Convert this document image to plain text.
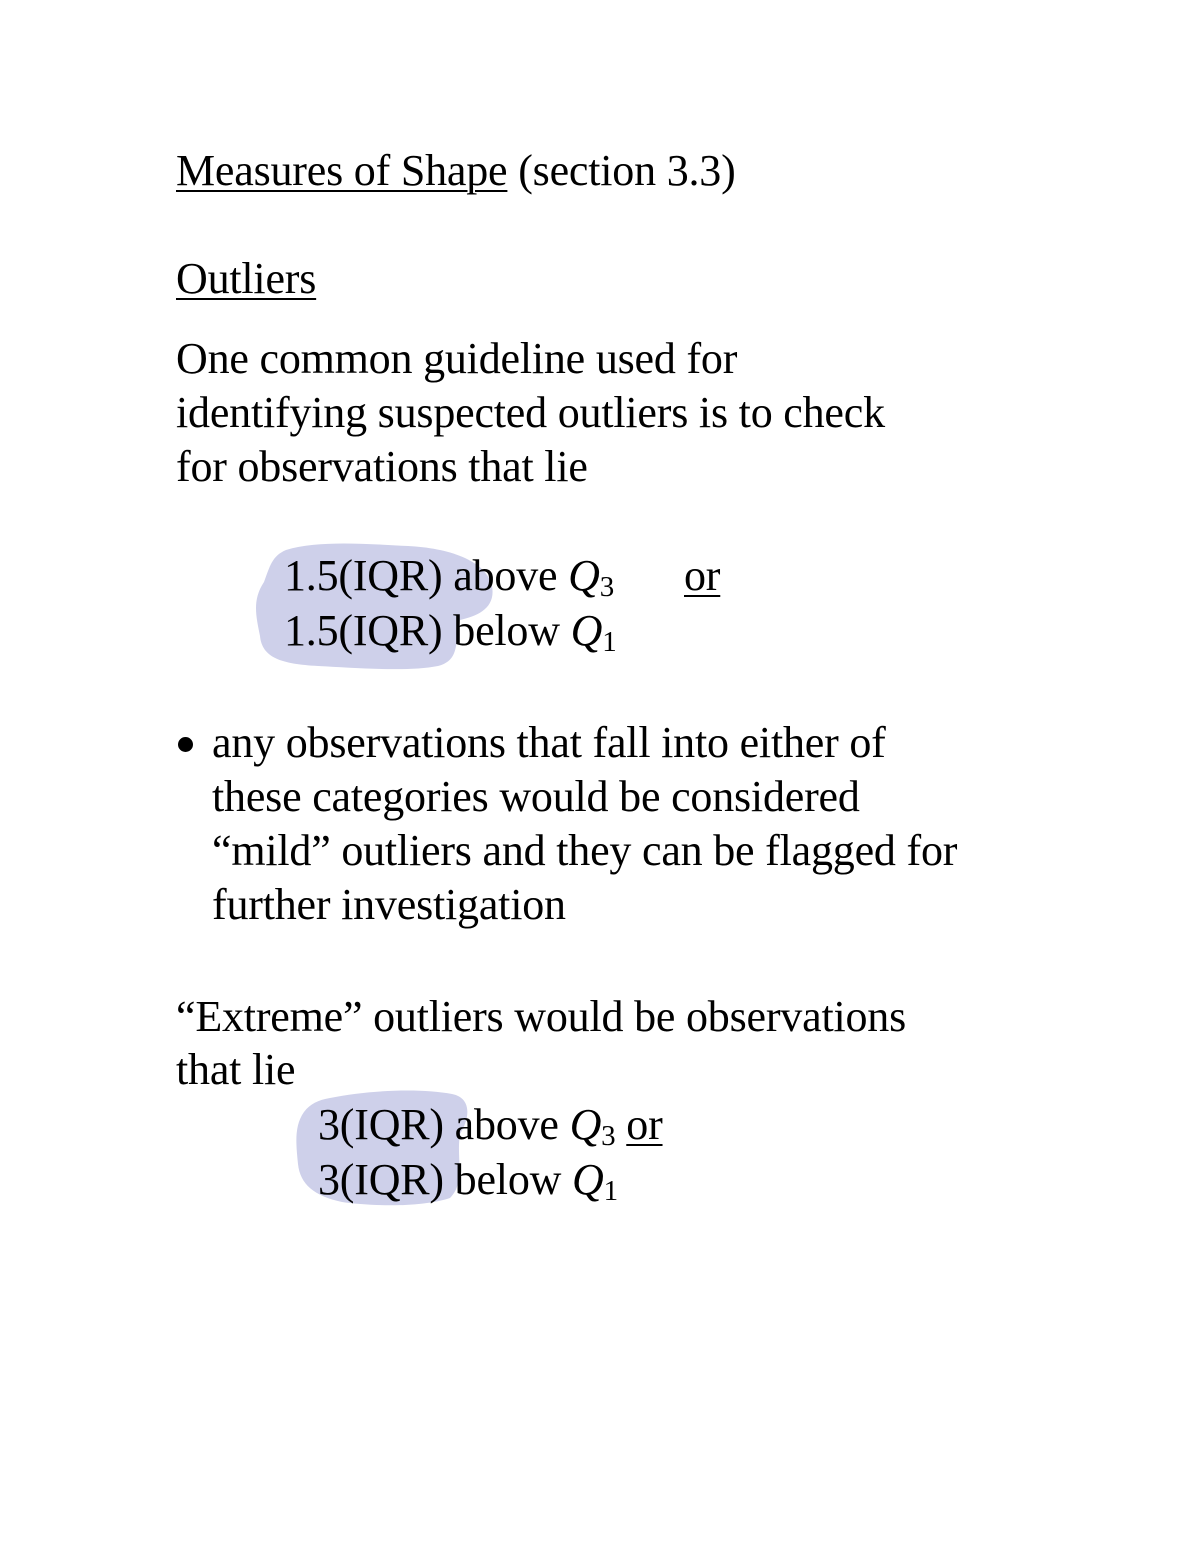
Measures of Shape (section 3.3)
Outliers
One common guideline used for
identifying suspected outliers is to check
for observations that lie
1.5(IQR) above Q3 or
1.5(IQR) below Q1
any observations that fall into either of
these categories would be considered
“mild” outliers and they can be flagged for
further investigation
“Extreme” outliers would be observations
that lie
3(IQR) above Q3 or
3(IQR) below Q1
